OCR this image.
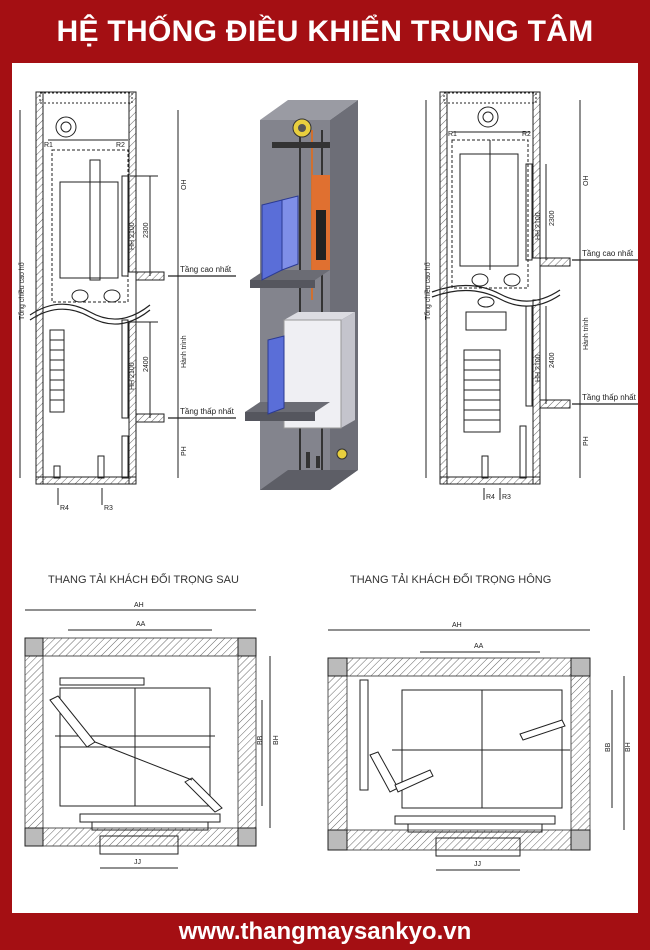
HỆ THỐNG ĐIỀU KHIỂN TRUNG TÂM
R1	R2
R4	R3
OH
HH 2100 2300
HH 2100 2400	Hành trình
PH
Tổng chiều cao hố	Tầng cao nhất
Tầng thấp nhất
R1	R2
R4 R3
OH
HH 2100 2300
HH 2100 2400
Hành trình
PH
Tổng chiều cao hố
Tầng cao nhất
Tầng thấp nhất
THANG TẢI KHÁCH ĐỐI TRỌNG SAU	THANG TẢI KHÁCH ĐỐI TRỌNG HÔNG
AH
AA
BB BH
JJ
AH
AA
BB BH
JJ
www.thangmaysankyo.vn
